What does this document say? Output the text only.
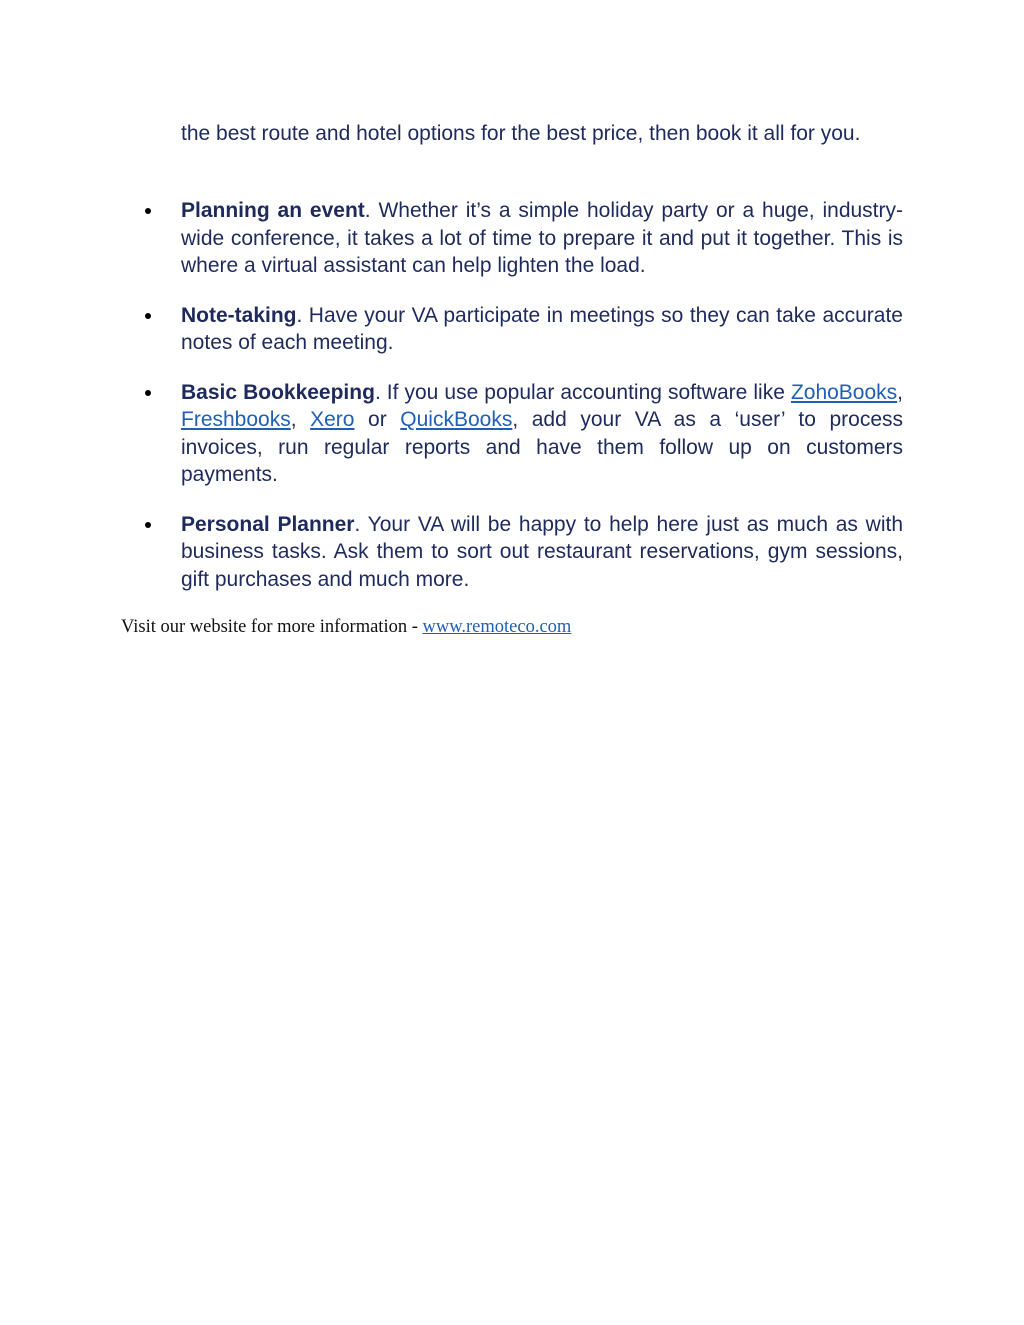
the best route and hotel options for the best price, then book it all for you.

Planning an event. Whether it’s a simple holiday party or a huge, industry-wide conference, it takes a lot of time to prepare it and put it together. This is where a virtual assistant can help lighten the load.
Note-taking. Have your VA participate in meetings so they can take accurate notes of each meeting.
Basic Bookkeeping. If you use popular accounting software like ZohoBooks, Freshbooks, Xero or QuickBooks, add your VA as a ‘user’ to process invoices, run regular reports and have them follow up on customers payments.
Personal Planner. Your VA will be happy to help here just as much as with business tasks. Ask them to sort out restaurant reservations, gym sessions, gift purchases and much more.
Visit our website for more information - www.remoteco.com
